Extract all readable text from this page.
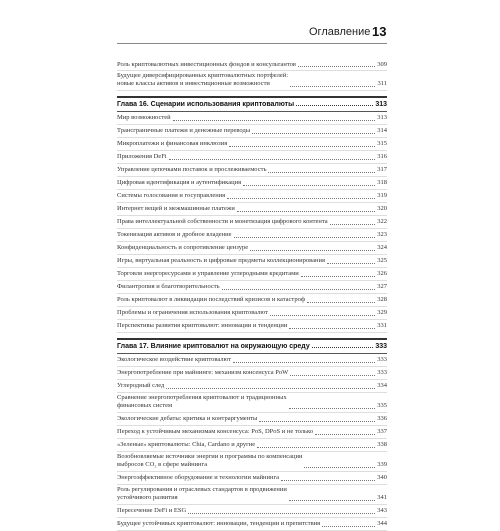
Оглавление 13
Роль криптовалютных инвестиционных фондов и консультантов	309
Будущее диверсифицированных криптовалютных портфелей:
новые классы активов и инвестиционные возможности	311
Глава 16. Сценарии использования криптовалюты	313
Мир возможностей	313
Трансграничные платежи и денежные переводы	314
Микроплатежи и финансовая инклюзия	315
Приложения DeFi	316
Управление цепочками поставок и прослеживаемость	317
Цифровая идентификация и аутентификация	318
Системы голосования и госуправления	319
Интернет вещей и межмашинные платежи	320
Права интеллектуальной собственности и монетизация цифрового контента	322
Токенизация активов и дробное владение	323
Конфиденциальность и сопротивление цензуре	324
Игры, виртуальная реальность и цифровые предметы коллекционирования	325
Торговля энергоресурсами и управление углеродными кредитами	326
Филантропия и благотворительность	327
Роль криптовалют в ликвидации последствий кризисов и катастроф	328
Проблемы и ограничения использования криптовалют	329
Перспективы развития криптовалют: инновации и тенденции	331
Глава 17. Влияние криптовалют на окружающую среду	333
Экологическое воздействие криптовалют	333
Энергопотребление при майнинге: механизм консенсуса PoW	333
Углеродный след	334
Сравнение энергопотребления криптовалют и традиционных
финансовых систем	335
Экологические дебаты: критика и контраргументы	336
Переход к устойчивым механизмам консенсуса: PoS, DPoS и не только	337
«Зеленые» криптовалюты: Chia, Cardano и другие	338
Возобновляемые источники энергии и программы по компенсации
выбросов CO₂ в сфере майнинга	339
Энергоэффективное оборудование и технологии майнинга	340
Роль регулирования и отраслевых стандартов в продвижении
устойчивого развития	341
Пересечение DeFi и ESG	343
Будущее устойчивых криптовалют: инновации, тенденции и препятствия	344
